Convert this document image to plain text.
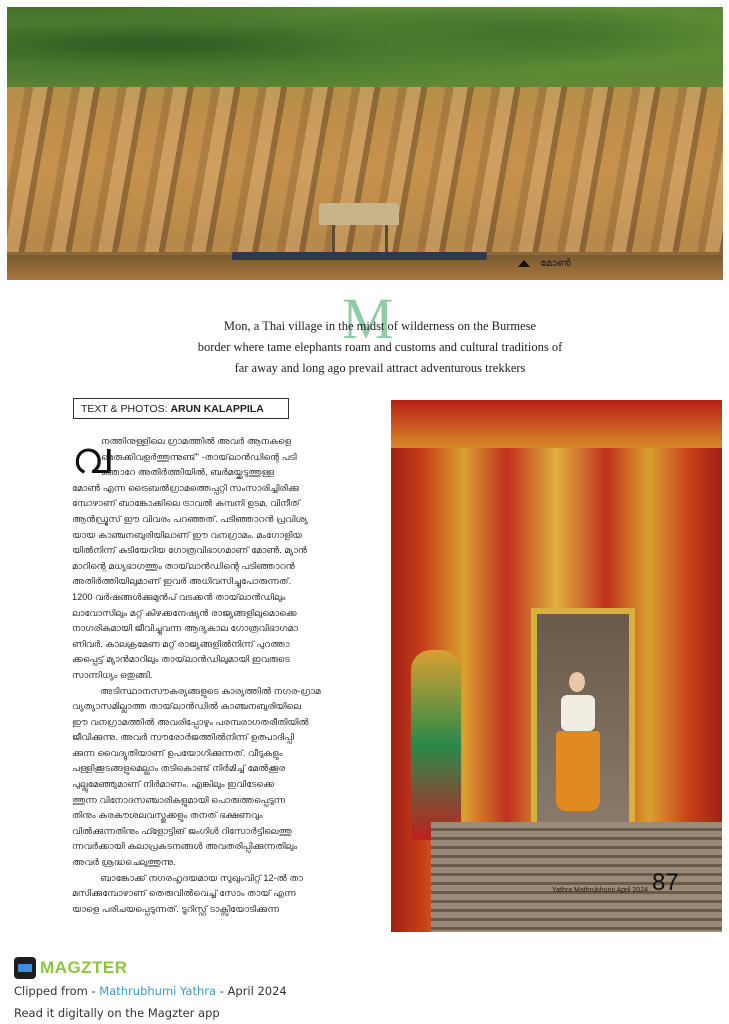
മോൺ
M
Mon, a Thai village in the midst of wilderness on the Burmese
border where tame elephants roam and customs and cultural traditions of
far away and long ago prevail attract adventurous trekkers
TEXT & PHOTOS: ARUN KALAPPILA
വ
നത്തിനുള്ളിലെ ഗ്രാമത്തിൽ അവർ ആനകളെ
മെരുക്കിവളർത്തുന്നുണ്ട്'' -തായ്‌ലാൻഡിന്റെ പടി
ഞ്ഞാറേ അതിർത്തിയിൽ, ബർമയ്ക്കടുത്തുള്ള
മോൺ എന്ന ട്രൈബൽഗ്രാമത്തെപ്പറ്റി സംസാരിച്ചിരിക്കു
മ്പോഴാണ് ബാങ്കോക്കിലെ ട്രാവൽ കമ്പനി ഉടമ, വിനീത്
ആൻഡ്രൂസ് ഈ വിവരം പറഞ്ഞത്. പടിഞ്ഞാറൻ പ്രവിശ്യ
യായ കാഞ്ചനബുരിയിലാണ് ഈ വനഗ്രാമം. മംഗോളിയ
യിൽനിന്ന് കുടിയേറിയ ഗോത്രവിഭാഗമാണ് മോൺ. മ്യാൻ
മാറിന്റെ മധ്യഭാഗത്തും തായ്‌ലാൻഡിന്റെ പടിഞ്ഞാറൻ
അതിർത്തിയിലുമാണ് ഇവർ അധിവസിച്ചുപോരുന്നത്.
1200 വർഷങ്ങൾക്കുമുൻപ് വടക്കൻ തായ്‌ലാൻഡിലും
ലാവോസിലും മറ്റ് കിഴക്കനേഷ്യൻ രാജ്യങ്ങളിലുമൊക്കെ
നാഗരികമായി ജീവിച്ചുവന്ന ആദ്യകാല ഗോത്രവിഭാഗമാ
ണിവർ. കാലക്രമേണ മറ്റ് രാജ്യങ്ങളിൽനിന്ന് പുറത്താ
ക്കപ്പെട്ട് മ്യാൻമാറിലും തായ്‌ലാൻഡിലുമായി ഇവരുടെ
സാന്നിധ്യം ഒതുങ്ങി.
അടിസ്ഥാനസൗകര്യങ്ങളുടെ കാര്യത്തിൽ നഗര-ഗ്രാമ
വ്യത്യാസമില്ലാത്ത തായ്‌ലാൻഡിൽ കാഞ്ചനബുരിയിലെ
ഈ വനഗ്രാമത്തിൽ അവരിപ്പോഴും പരമ്പരാഗതരീതിയിൽ
ജീവിക്കുന്നു. അവർ സൗരോർജത്തിൽനിന്ന് ഉത്പാദിപ്പി
ക്കുന്ന വൈദ്യുതിയാണ് ഉപയോഗിക്കുന്നത്. വീടുകളും
പള്ളിക്കൂടങ്ങളുമെല്ലാം തടികൊണ്ട് നിർമിച്ച് മേൽക്കൂര
പുല്ലുമേഞ്ഞുമാണ് നിർമാണം. എങ്കിലും ഇവിടേക്കെ
ത്തുന്ന വിനോദസഞ്ചാരികളുമായി പൊരുത്തപ്പെടുന്ന
തിനും കരകൗശലവസ്തുക്കളും തനത് ഭക്ഷണവും
വിൽക്കുന്നതിനും ഫ്ളോട്ടിങ് ജംഗിൾ റിസോർട്ടിലെത്തു
ന്നവർക്കായി കലാപ്രകടനങ്ങൾ അവതരിപ്പിക്കുന്നതിലും
അവർ ശ്രദ്ധചെലുത്തുന്നു.
ബാങ്കോക്ക് നഗരഹൃദയമായ സുഖുംവിറ്റ് 12-ൽ താ
മസിക്കുമ്പോഴാണ് തെരുവിൽവെച്ച് സോം തായ് എന്ന
യാളെ പരിചയപ്പെടുന്നത്. ടൂറിസ്റ്റ് ടാക്സിയോടിക്കുന്ന
Yathra Mathrubhumi April 2024 87
MAGZTER
Clipped from - Mathrubhumi Yathra - April 2024
Read it digitally on the Magzter app
